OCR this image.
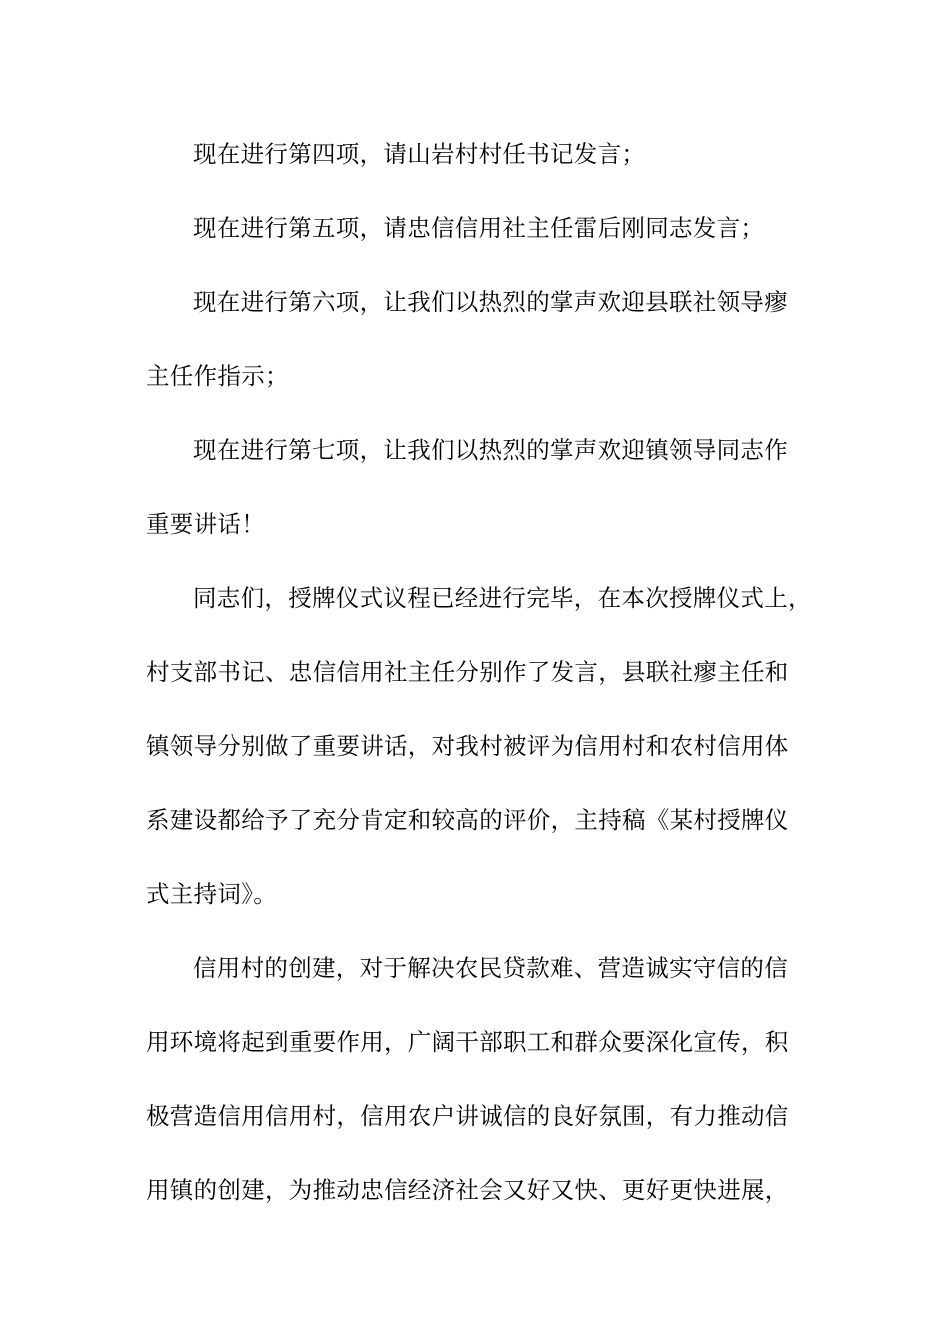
现在进行第四项，请山岩村村任书记发言；
现在进行第五项，请忠信信用社主任雷后刚同志发言；
现在进行第六项，让我们以热烈的掌声欢迎县联社领导瘳
主任作指示；
现在进行第七项，让我们以热烈的掌声欢迎镇领导同志作
重要讲话！
同志们，授牌仪式议程已经进行完毕，在本次授牌仪式上，
村支部书记、忠信信用社主任分别作了发言，县联社瘳主任和
镇领导分别做了重要讲话，对我村被评为信用村和农村信用体
系建设都给予了充分肯定和较高的评价，主持稿《某村授牌仪
式主持词》。
信用村的创建，对于解决农民贷款难、营造诚实守信的信
用环境将起到重要作用，广阔干部职工和群众要深化宣传，积
极营造信用信用村，信用农户讲诚信的良好氛围，有力推动信
用镇的创建，为推动忠信经济社会又好又快、更好更快进展，
